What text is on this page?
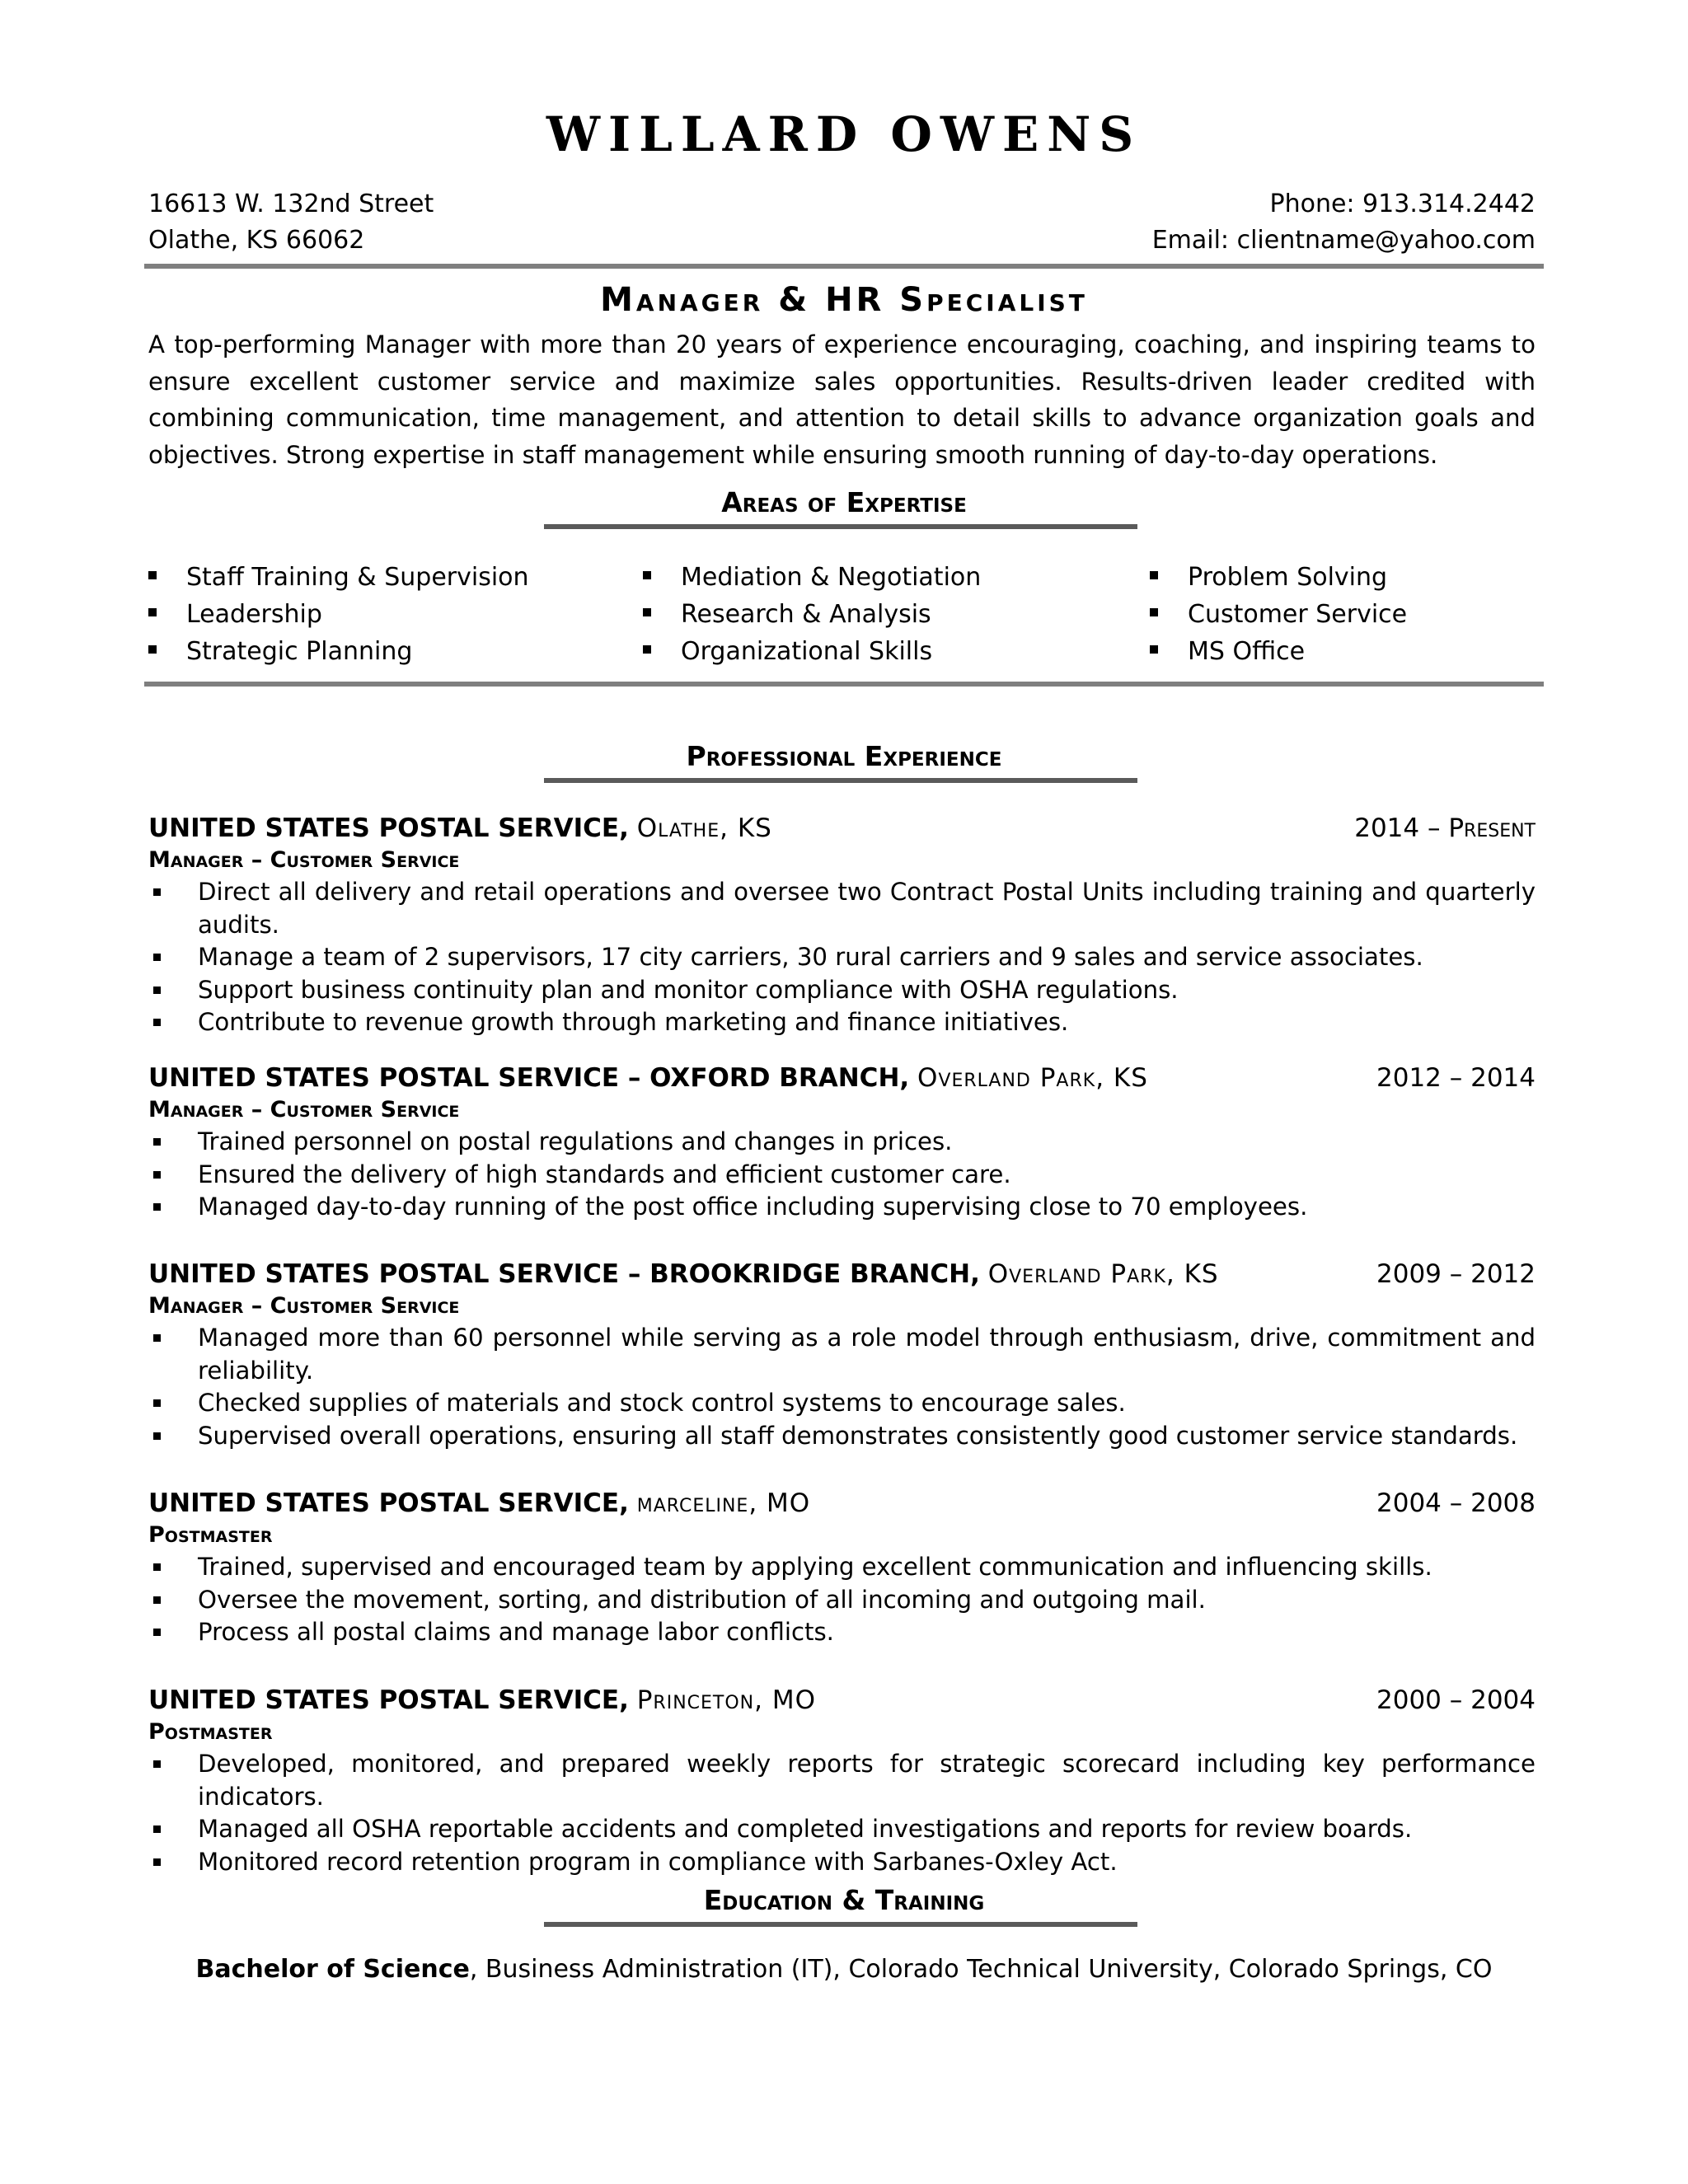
WILLARD OWENS
16613 W. 132nd Street	Phone: 913.314.2442
Olathe, KS 66062	Email: clientname@yahoo.com
Manager & HR Specialist
A top-performing Manager with more than 20 years of experience encouraging, coaching, and inspiring teams to ensure excellent customer service and maximize sales opportunities. Results-driven leader credited with combining communication, time management, and attention to detail skills to advance organization goals and objectives. Strong expertise in staff management while ensuring smooth running of day-to-day operations.
Areas of Expertise
Staff Training & Supervision
Leadership
Strategic Planning
Mediation & Negotiation
Research & Analysis
Organizational Skills
Problem Solving
Customer Service
MS Office
Professional Experience
UNITED STATES POSTAL SERVICE, Olathe, KS	2014 – Present
Manager – Customer Service
Direct all delivery and retail operations and oversee two Contract Postal Units including training and quarterly audits.
Manage a team of 2 supervisors, 17 city carriers, 30 rural carriers and 9 sales and service associates.
Support business continuity plan and monitor compliance with OSHA regulations.
Contribute to revenue growth through marketing and finance initiatives.
UNITED STATES POSTAL SERVICE – OXFORD BRANCH, Overland Park, KS	2012 – 2014
Manager – Customer Service
Trained personnel on postal regulations and changes in prices.
Ensured the delivery of high standards and efficient customer care.
Managed day-to-day running of the post office including supervising close to 70 employees.
UNITED STATES POSTAL SERVICE – BROOKRIDGE BRANCH, Overland Park, KS	2009 – 2012
Manager – Customer Service
Managed more than 60 personnel while serving as a role model through enthusiasm, drive, commitment and reliability.
Checked supplies of materials and stock control systems to encourage sales.
Supervised overall operations, ensuring all staff demonstrates consistently good customer service standards.
UNITED STATES POSTAL SERVICE, marceline, MO	2004 – 2008
Postmaster
Trained, supervised and encouraged team by applying excellent communication and influencing skills.
Oversee the movement, sorting, and distribution of all incoming and outgoing mail.
Process all postal claims and manage labor conflicts.
UNITED STATES POSTAL SERVICE, Princeton, MO	2000 – 2004
Postmaster
Developed, monitored, and prepared weekly reports for strategic scorecard including key performance indicators.
Managed all OSHA reportable accidents and completed investigations and reports for review boards.
Monitored record retention program in compliance with Sarbanes-Oxley Act.
Education & Training
Bachelor of Science, Business Administration (IT), Colorado Technical University, Colorado Springs, CO
